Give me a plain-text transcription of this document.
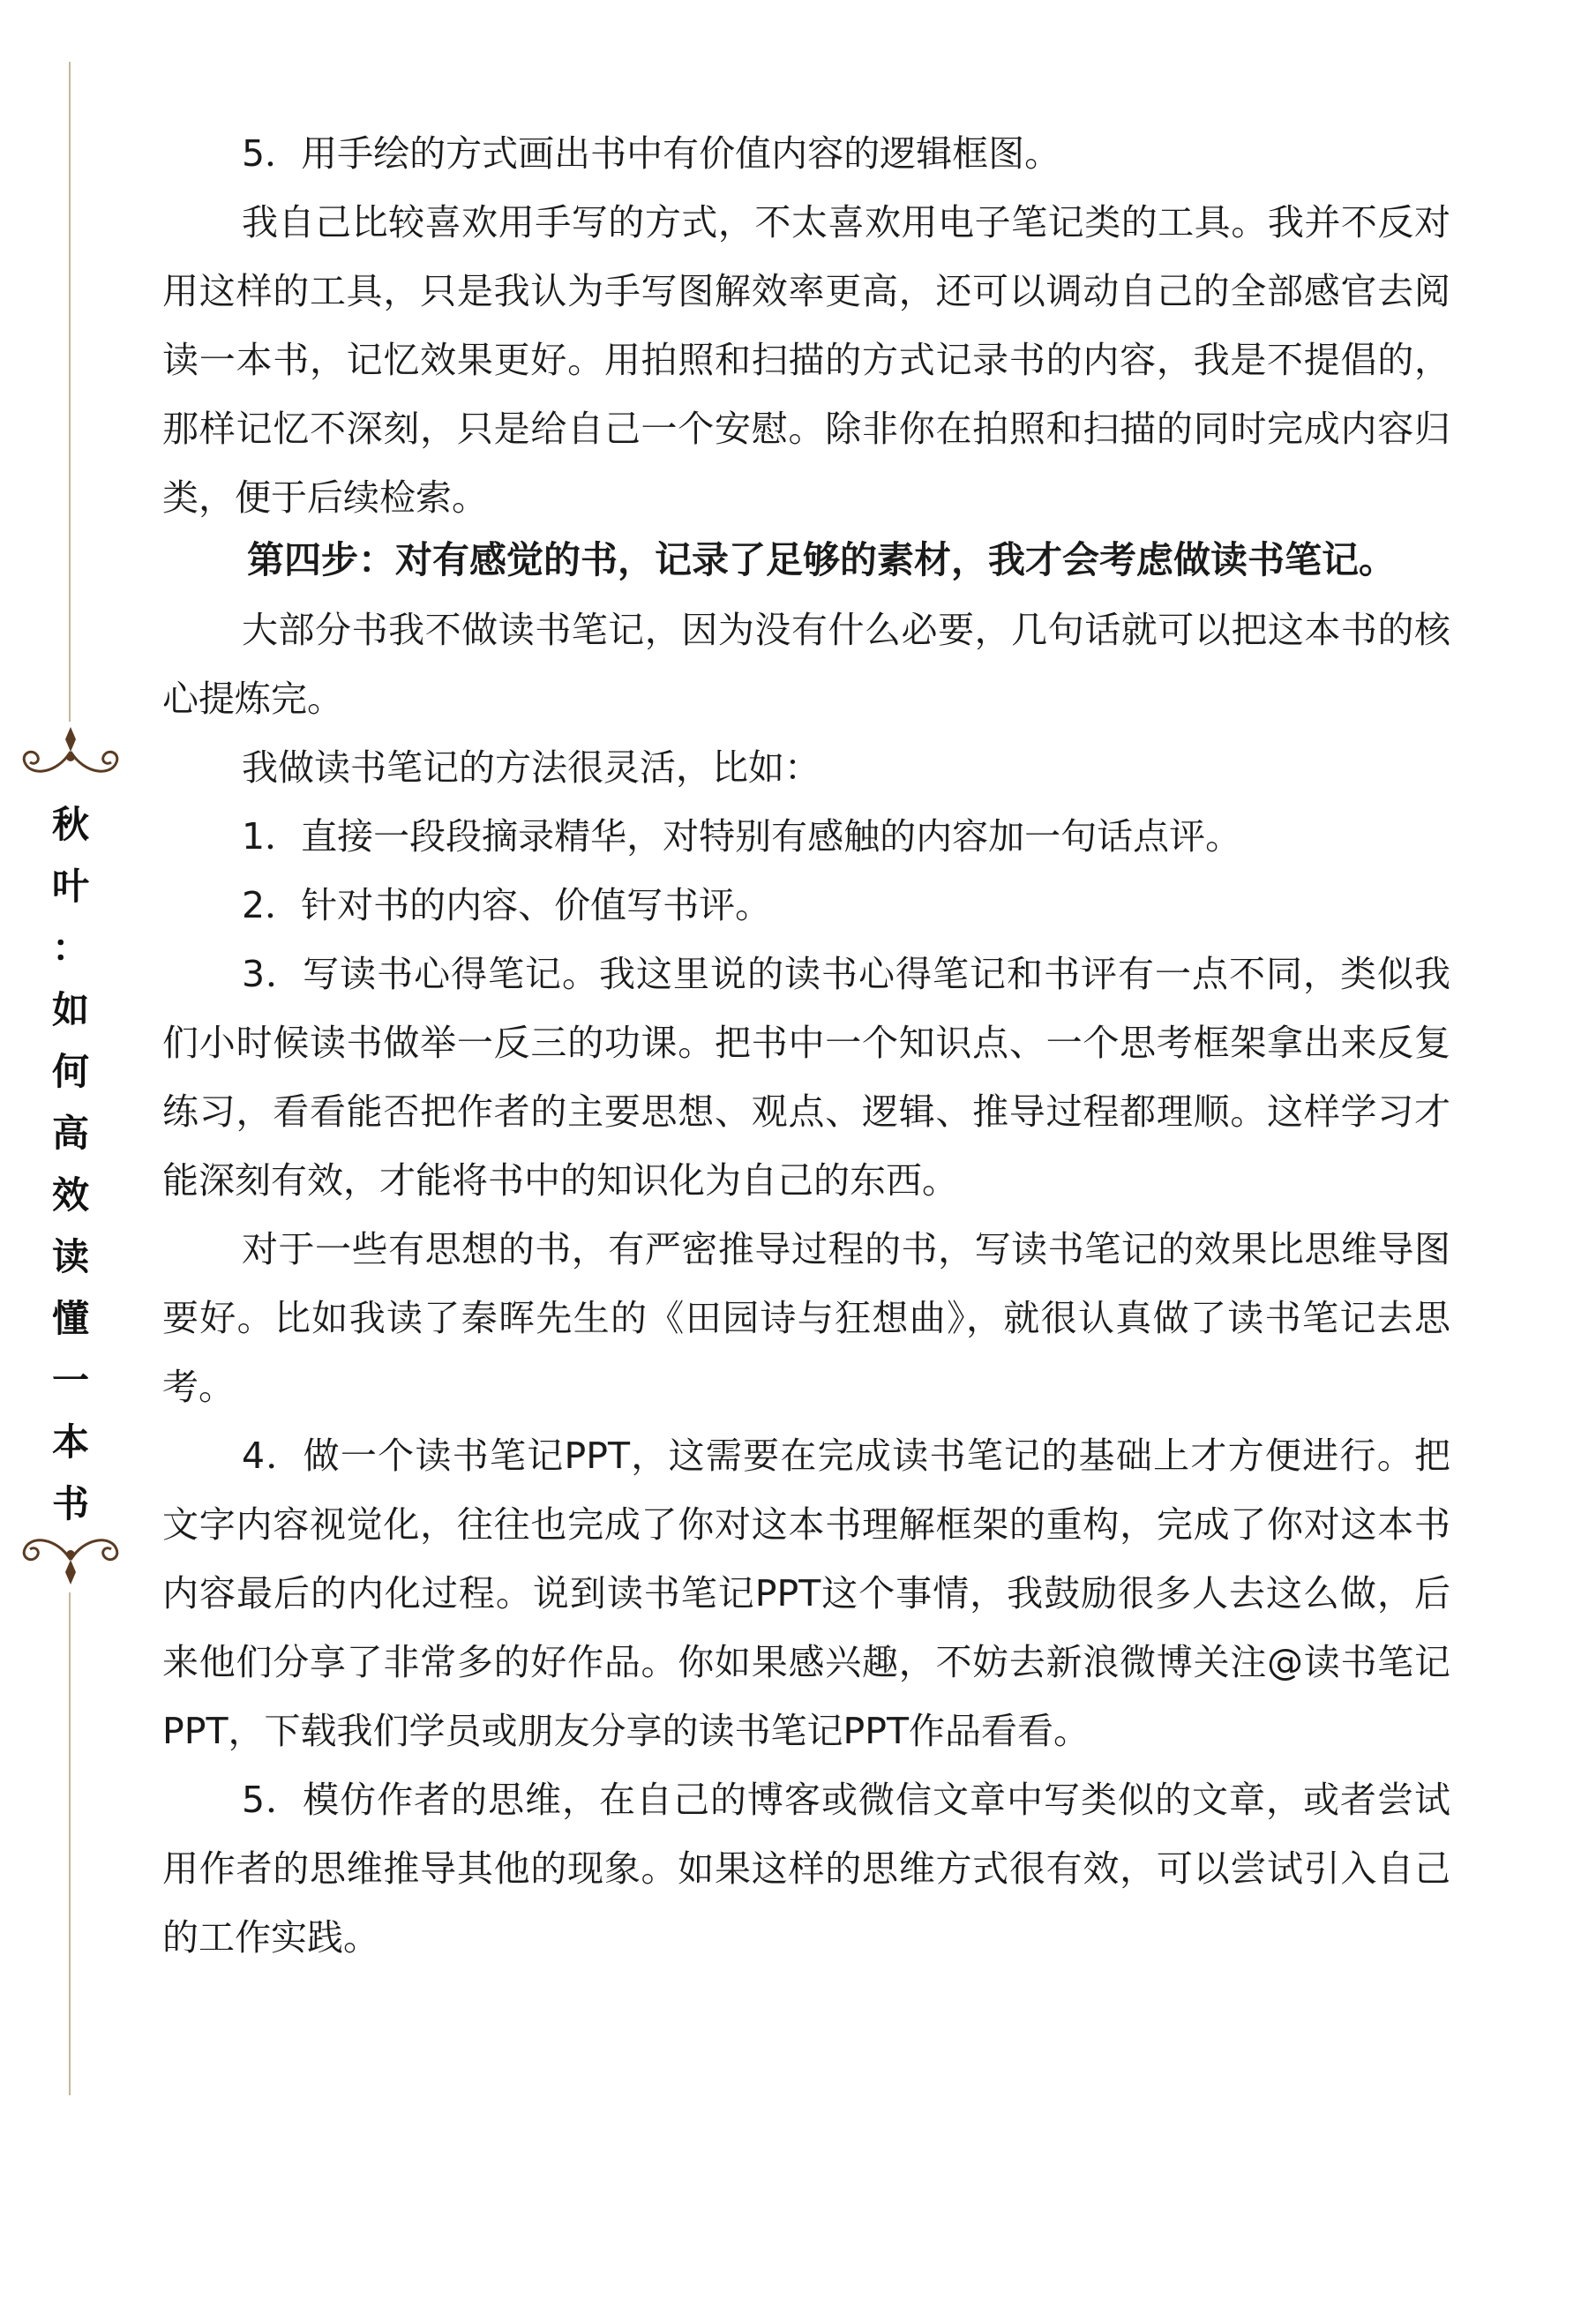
秋
叶
：
如
何
高
效
读
懂
一
本
书

5．用手绘的方式画出书中有价值内容的逻辑框图。

我自己比较喜欢用手写的方式，不太喜欢用电子笔记类的工具。我并不反对用这样的工具，只是我认为手写图解效率更高，还可以调动自己的全部感官去阅读一本书，记忆效果更好。用拍照和扫描的方式记录书的内容，我是不提倡的，那样记忆不深刻，只是给自己一个安慰。除非你在拍照和扫描的同时完成内容归类，便于后续检索。

第四步：对有感觉的书，记录了足够的素材，我才会考虑做读书笔记。

大部分书我不做读书笔记，因为没有什么必要，几句话就可以把这本书的核心提炼完。

我做读书笔记的方法很灵活，比如：

1．直接一段段摘录精华，对特别有感触的内容加一句话点评。

2．针对书的内容、价值写书评。

3．写读书心得笔记。我这里说的读书心得笔记和书评有一点不同，类似我们小时候读书做举一反三的功课。把书中一个知识点、一个思考框架拿出来反复练习，看看能否把作者的主要思想、观点、逻辑、推导过程都理顺。这样学习才能深刻有效，才能将书中的知识化为自己的东西。

对于一些有思想的书，有严密推导过程的书，写读书笔记的效果比思维导图要好。比如我读了秦晖先生的《田园诗与狂想曲》，就很认真做了读书笔记去思考。

4．做一个读书笔记PPT，这需要在完成读书笔记的基础上才方便进行。把文字内容视觉化，往往也完成了你对这本书理解框架的重构，完成了你对这本书内容最后的内化过程。说到读书笔记PPT这个事情，我鼓励很多人去这么做，后来他们分享了非常多的好作品。你如果感兴趣，不妨去新浪微博关注@读书笔记PPT，下载我们学员或朋友分享的读书笔记PPT作品看看。

5．模仿作者的思维，在自己的博客或微信文章中写类似的文章，或者尝试用作者的思维推导其他的现象。如果这样的思维方式很有效，可以尝试引入自己的工作实践。
